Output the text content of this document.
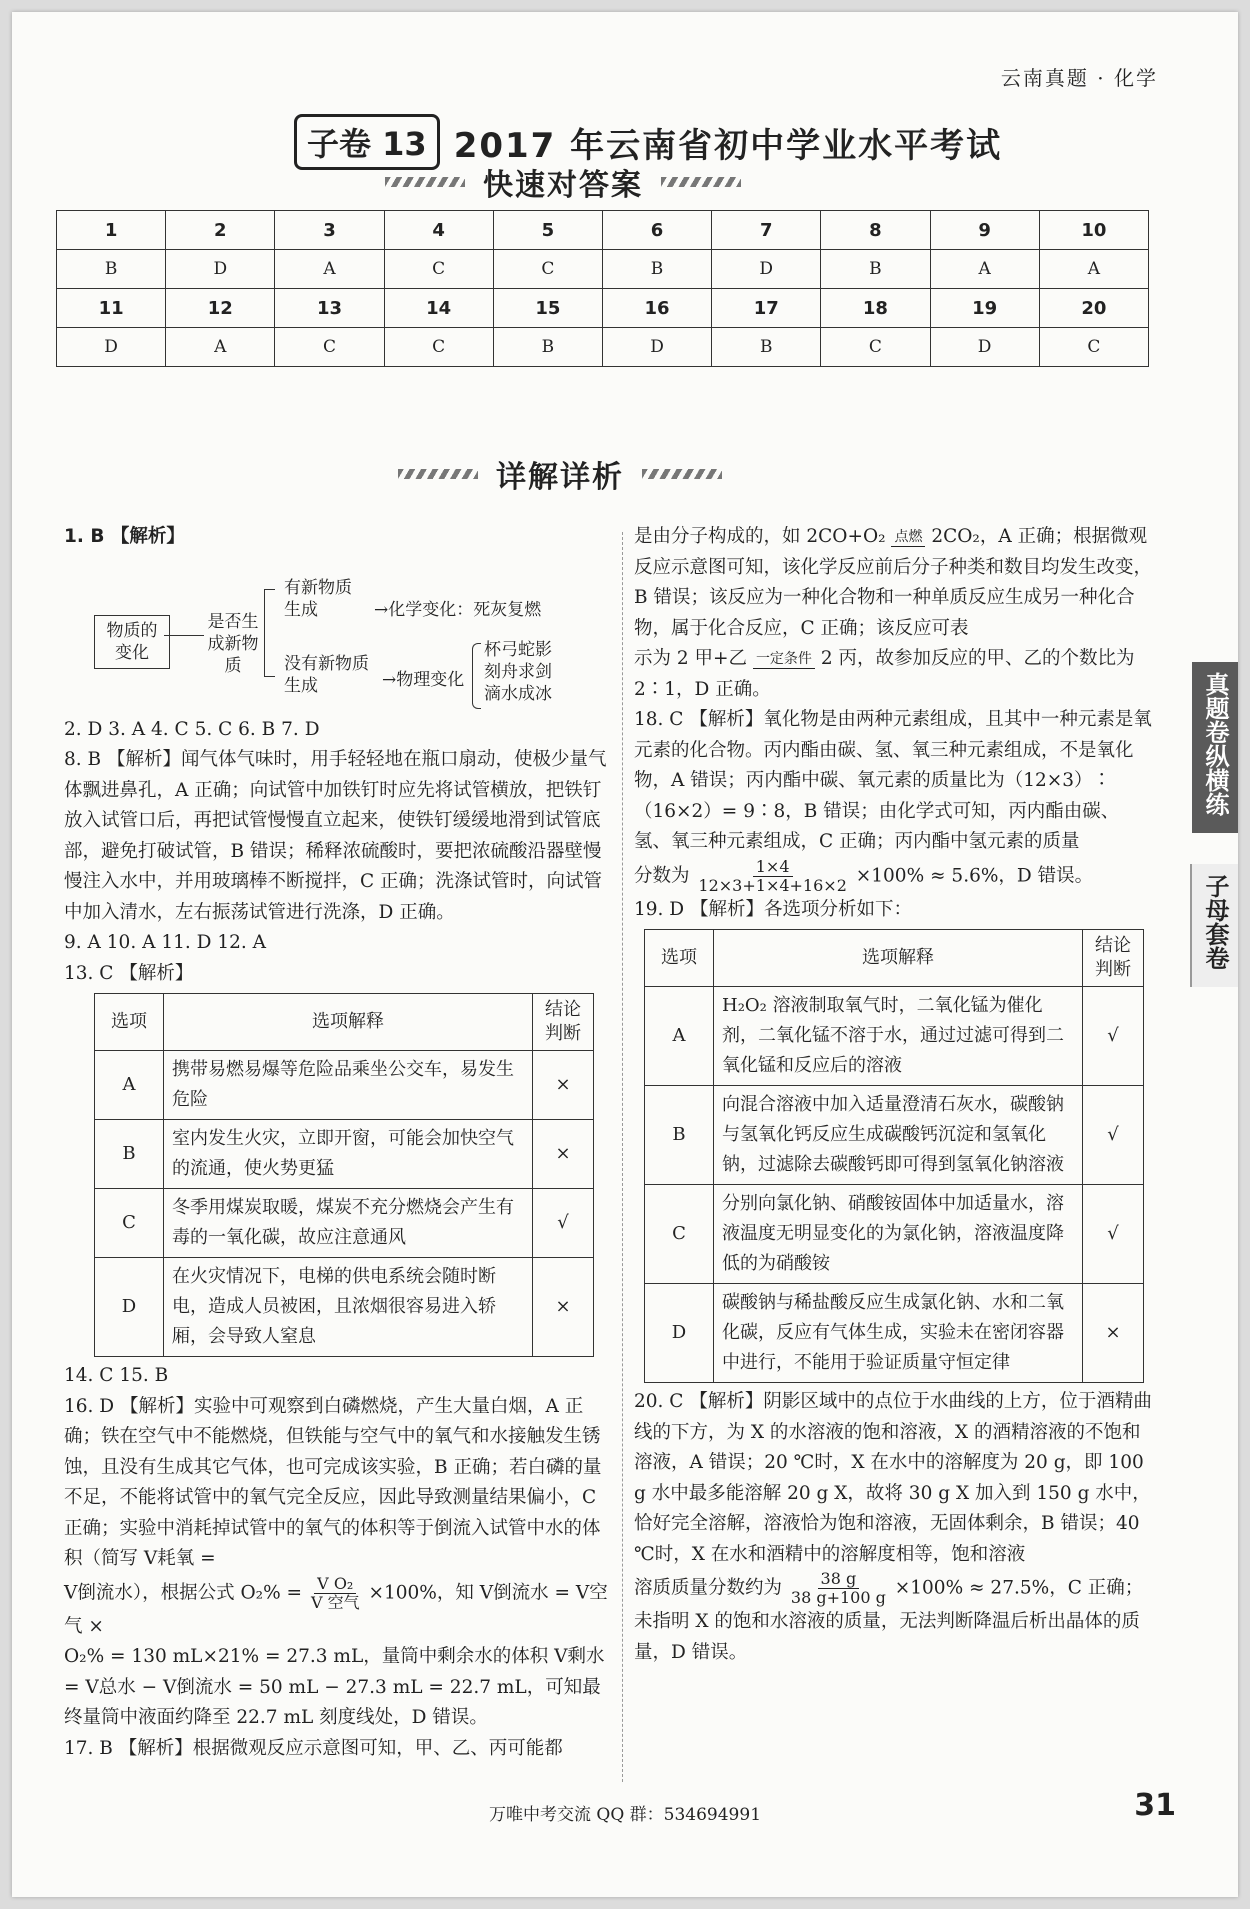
云南真题 · 化学
子卷 13 2017 年云南省初中学业水平考试
快速对答案
1	2	3	4	5	6	7	8	9	10
B	D	A	C	C	B	D	B	A	A
11	12	13	14	15	16	17	18	19	20
D	A	C	C	B	D	B	C	D	C
详解详析

1. B 【解析】

物质的变化
是否生成新物质
有新物质生成
没有新物质生成
→化学变化：死灰复燃
→物理变化
杯弓蛇影
刻舟求剑
滴水成冰

2. D 3. A 4. C 5. C 6. B 7. D

8. B 【解析】闻气体气味时，用手轻轻地在瓶口扇动，使极少量气体飘进鼻孔，A 正确；向试管中加铁钉时应先将试管横放，把铁钉放入试管口后，再把试管慢慢直立起来，使铁钉缓缓地滑到试管底部，避免打破试管，B 错误；稀释浓硫酸时，要把浓硫酸沿器壁慢慢注入水中，并用玻璃棒不断搅拌，C 正确；洗涤试管时，向试管中加入清水，左右振荡试管进行洗涤，D 正确。

9. A 10. A 11. D 12. A

13. C 【解析】

选项	选项解释	结论判断
A	携带易燃易爆等危险品乘坐公交车，易发生危险	×
B	室内发生火灾，立即开窗，可能会加快空气的流通，使火势更猛	×
C	冬季用煤炭取暖，煤炭不充分燃烧会产生有毒的一氧化碳，故应注意通风	√
D	在火灾情况下，电梯的供电系统会随时断电，造成人员被困，且浓烟很容易进入轿厢，会导致人窒息	×

14. C 15. B

16. D 【解析】实验中可观察到白磷燃烧，产生大量白烟，A 正确；铁在空气中不能燃烧，但铁能与空气中的氧气和水接触发生锈蚀，且没有生成其它气体，也可完成该实验，B 正确；若白磷的量不足，不能将试管中的氧气完全反应，因此导致测量结果偏小，C 正确；实验中消耗掉试管中的氧气的体积等于倒流入试管中水的体积（简写 V耗氧 =

V倒流水），根据公式 $O_2\% = \frac{\text{V O₂}}{\text{V 空气}} \times 100\%$，知 V倒流水 = V空气 ×

O₂% = 130 mL×21% = 27.3 mL，量筒中剩余水的体积 V剩水 = V总水 − V倒流水 = 50 mL − 27.3 mL = 22.7 mL，可知最终量筒中液面约降至 22.7 mL 刻度线处，D 错误。

17. B 【解析】根据微观反应示意图可知，甲、乙、丙可能都

是由分子构成的，如 2CO+O₂ 点燃 2CO₂，A 正确；根据微观反应示意图可知，该化学反应前后分子种类和数目均发生改变，B 错误；该反应为一种化合物和一种单质反应生成另一种化合物，属于化合反应，C 正确；该反应可表

示为 2 甲+乙 一定条件 2 丙，故参加反应的甲、乙的个数比为 2∶1，D 正确。

18. C 【解析】氧化物是由两种元素组成，且其中一种元素是氧元素的化合物。丙内酯由碳、氢、氧三种元素组成，不是氧化物，A 错误；丙内酯中碳、氧元素的质量比为（12×3）∶（16×2）= 9∶8，B 错误；由化学式可知，丙内酯由碳、氢、氧三种元素组成，C 正确；丙内酯中氢元素的质量

分数为 $\frac{1\times 4}{12\times 3+1\times 4+16\times 2} \times 100\% \approx 5.6\%$，D 错误。

19. D 【解析】各选项分析如下：

选项	选项解释	结论判断
A	H₂O₂ 溶液制取氧气时，二氧化锰为催化剂，二氧化锰不溶于水，通过过滤可得到二氧化锰和反应后的溶液	√
B	向混合溶液中加入适量澄清石灰水，碳酸钠与氢氧化钙反应生成碳酸钙沉淀和氢氧化钠，过滤除去碳酸钙即可得到氢氧化钠溶液	√
C	分别向氯化钠、硝酸铵固体中加适量水，溶液温度无明显变化的为氯化钠，溶液温度降低的为硝酸铵	√
D	碳酸钠与稀盐酸反应生成氯化钠、水和二氧化碳，反应有气体生成，实验未在密闭容器中进行，不能用于验证质量守恒定律	×

20. C 【解析】阴影区域中的点位于水曲线的上方，位于酒精曲线的下方，为 X 的水溶液的饱和溶液，X 的酒精溶液的不饱和溶液，A 错误；20 ℃时，X 在水中的溶解度为 20 g，即 100 g 水中最多能溶解 20 g X，故将 30 g X 加入到 150 g 水中，恰好完全溶解，溶液恰为饱和溶液，无固体剩余，B 错误；40 ℃时，X 在水和酒精中的溶解度相等，饱和溶液

溶质质量分数约为 $\frac{38 g}{38 g+100 g} \times 100\% \approx 27.5\%$，C 正确；

未指明 X 的饱和水溶液的质量，无法判断降温后析出晶体的质量，D 错误。

真题卷纵横练
子母套卷
万唯中考交流 QQ 群：534694991	31
